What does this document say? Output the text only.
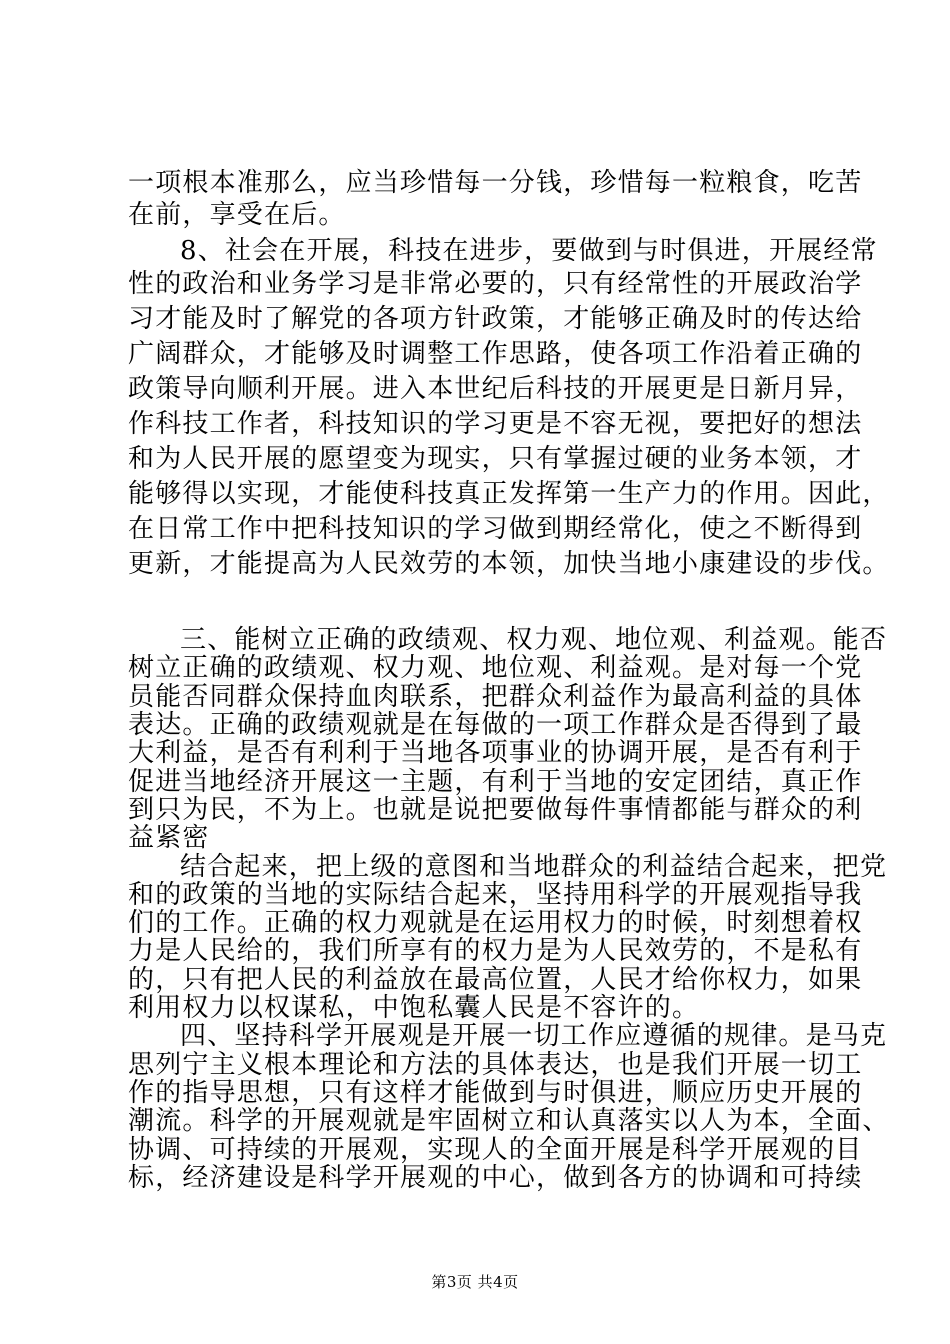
一项根本准那么，应当珍惜每一分钱，珍惜每一粒粮食，吃苦
在前，享受在后。
8、社会在开展，科技在进步，要做到与时俱进，开展经常
性的政治和业务学习是非常必要的，只有经常性的开展政治学
习才能及时了解党的各项方针政策，才能够正确及时的传达给
广阔群众，才能够及时调整工作思路，使各项工作沿着正确的
政策导向顺利开展。进入本世纪后科技的开展更是日新月异，
作科技工作者，科技知识的学习更是不容无视，要把好的想法
和为人民开展的愿望变为现实，只有掌握过硬的业务本领，才
能够得以实现，才能使科技真正发挥第一生产力的作用。因此，
在日常工作中把科技知识的学习做到期经常化，使之不断得到
更新，才能提高为人民效劳的本领，加快当地小康建设的步伐。
三、能树立正确的政绩观、权力观、地位观、利益观。能否
树立正确的政绩观、权力观、地位观、利益观。是对每一个党
员能否同群众保持血肉联系，把群众利益作为最高利益的具体
表达。正确的政绩观就是在每做的一项工作群众是否得到了最
大利益，是否有利利于当地各项事业的协调开展，是否有利于
促进当地经济开展这一主题，有利于当地的安定团结，真正作
到只为民，不为上。也就是说把要做每件事情都能与群众的利
益紧密
结合起来，把上级的意图和当地群众的利益结合起来，把党
和的政策的当地的实际结合起来，坚持用科学的开展观指导我
们的工作。正确的权力观就是在运用权力的时候，时刻想着权
力是人民给的，我们所享有的权力是为人民效劳的，不是私有
的，只有把人民的利益放在最高位置，人民才给你权力，如果
利用权力以权谋私，中饱私囊人民是不容许的。
四、坚持科学开展观是开展一切工作应遵循的规律。是马克
思列宁主义根本理论和方法的具体表达，也是我们开展一切工
作的指导思想，只有这样才能做到与时俱进，顺应历史开展的
潮流。科学的开展观就是牢固树立和认真落实以人为本，全面、
协调、可持续的开展观，实现人的全面开展是科学开展观的目
标，经济建设是科学开展观的中心，做到各方的协调和可持续
第3页 共4页
